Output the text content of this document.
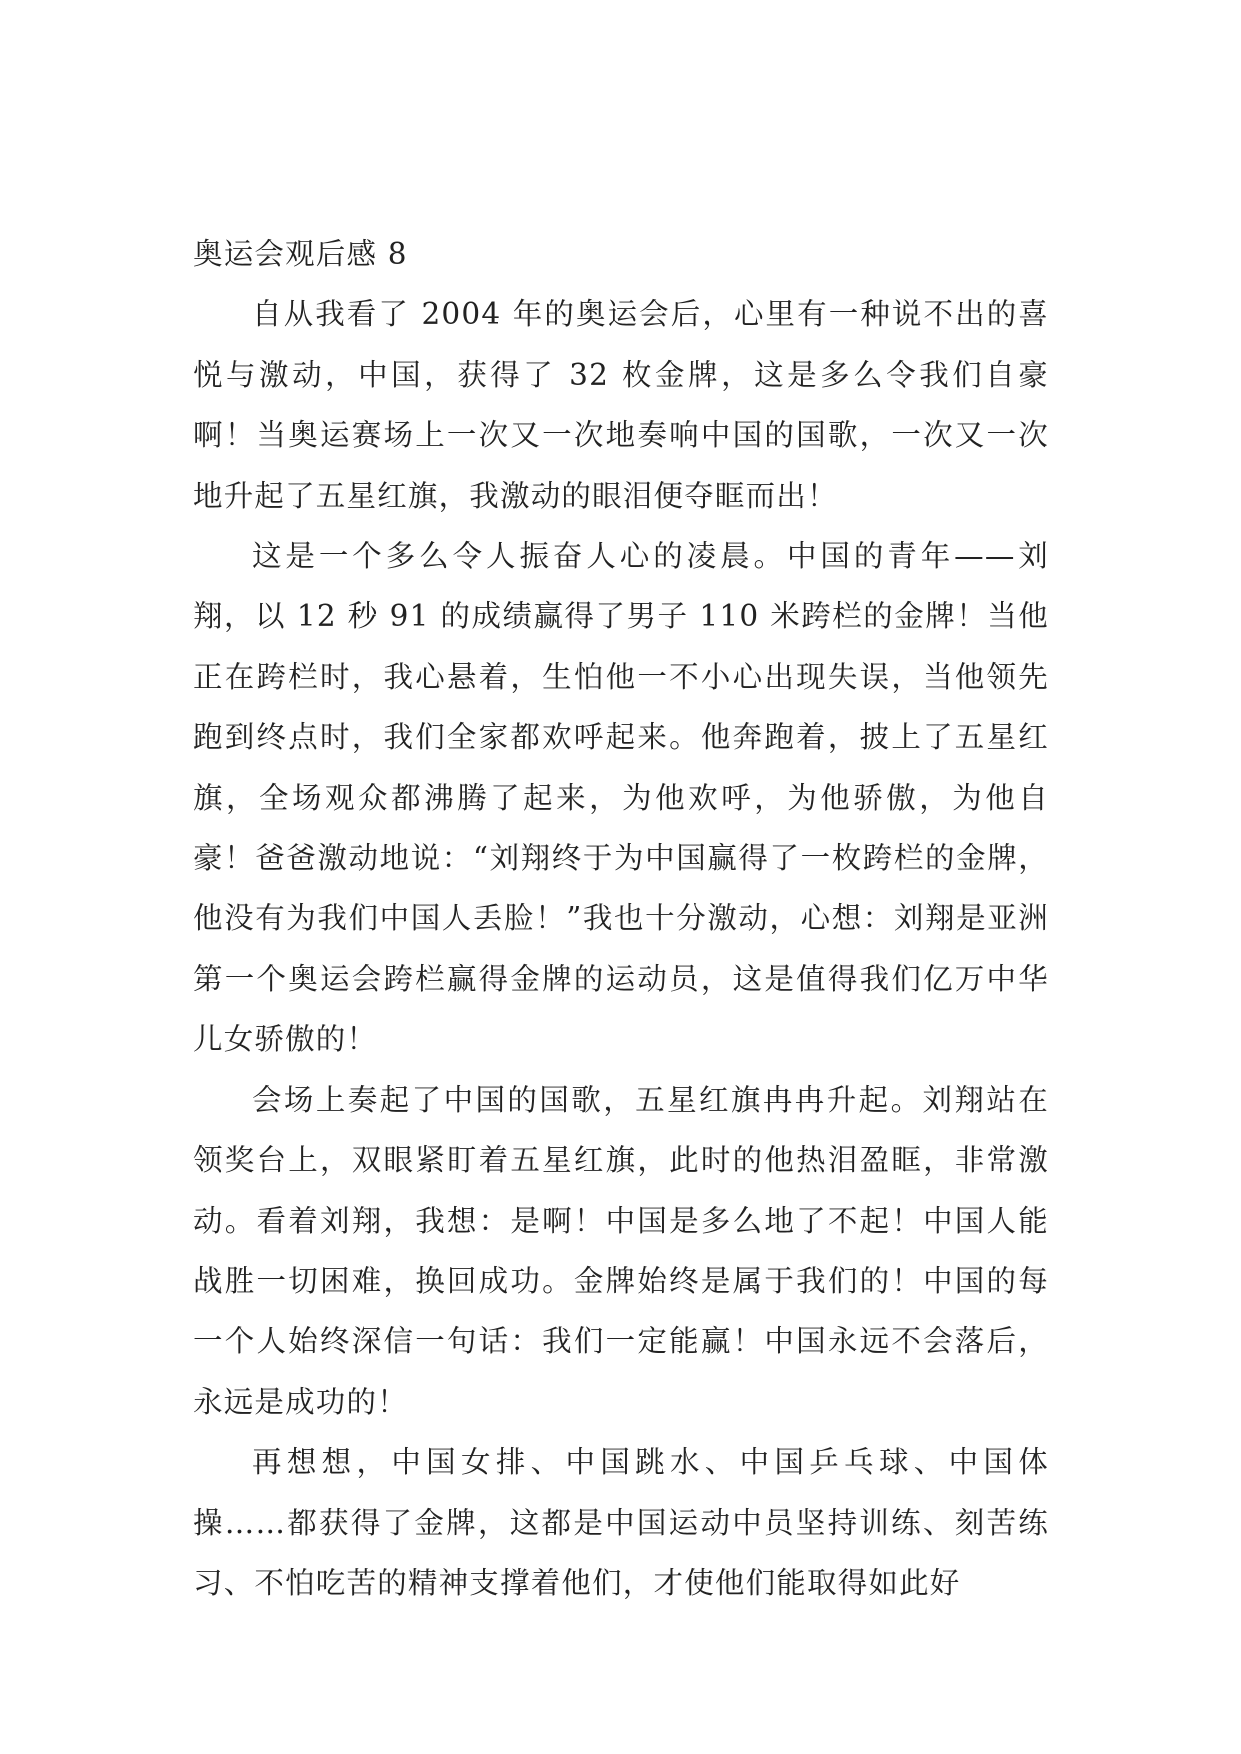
奥运会观后感 8

自从我看了 2004 年的奥运会后，心里有一种说不出的喜悦与激动，中国，获得了 32 枚金牌，这是多么令我们自豪啊！当奥运赛场上一次又一次地奏响中国的国歌，一次又一次地升起了五星红旗，我激动的眼泪便夺眶而出！

这是一个多么令人振奋人心的凌晨。中国的青年——刘翔，以 12 秒 91 的成绩赢得了男子 110 米跨栏的金牌！当他正在跨栏时，我心悬着，生怕他一不小心出现失误，当他领先跑到终点时，我们全家都欢呼起来。他奔跑着，披上了五星红旗，全场观众都沸腾了起来，为他欢呼，为他骄傲，为他自豪！爸爸激动地说：“刘翔终于为中国赢得了一枚跨栏的金牌，他没有为我们中国人丢脸！”我也十分激动，心想：刘翔是亚洲第一个奥运会跨栏赢得金牌的运动员，这是值得我们亿万中华儿女骄傲的！

会场上奏起了中国的国歌，五星红旗冉冉升起。刘翔站在领奖台上，双眼紧盯着五星红旗，此时的他热泪盈眶，非常激动。看着刘翔，我想：是啊！中国是多么地了不起！中国人能战胜一切困难，换回成功。金牌始终是属于我们的！中国的每一个人始终深信一句话：我们一定能赢！中国永远不会落后，永远是成功的！

再想想，中国女排、中国跳水、中国乒乓球、中国体操……都获得了金牌，这都是中国运动中员坚持训练、刻苦练习、不怕吃苦的精神支撑着他们，才使他们能取得如此好
